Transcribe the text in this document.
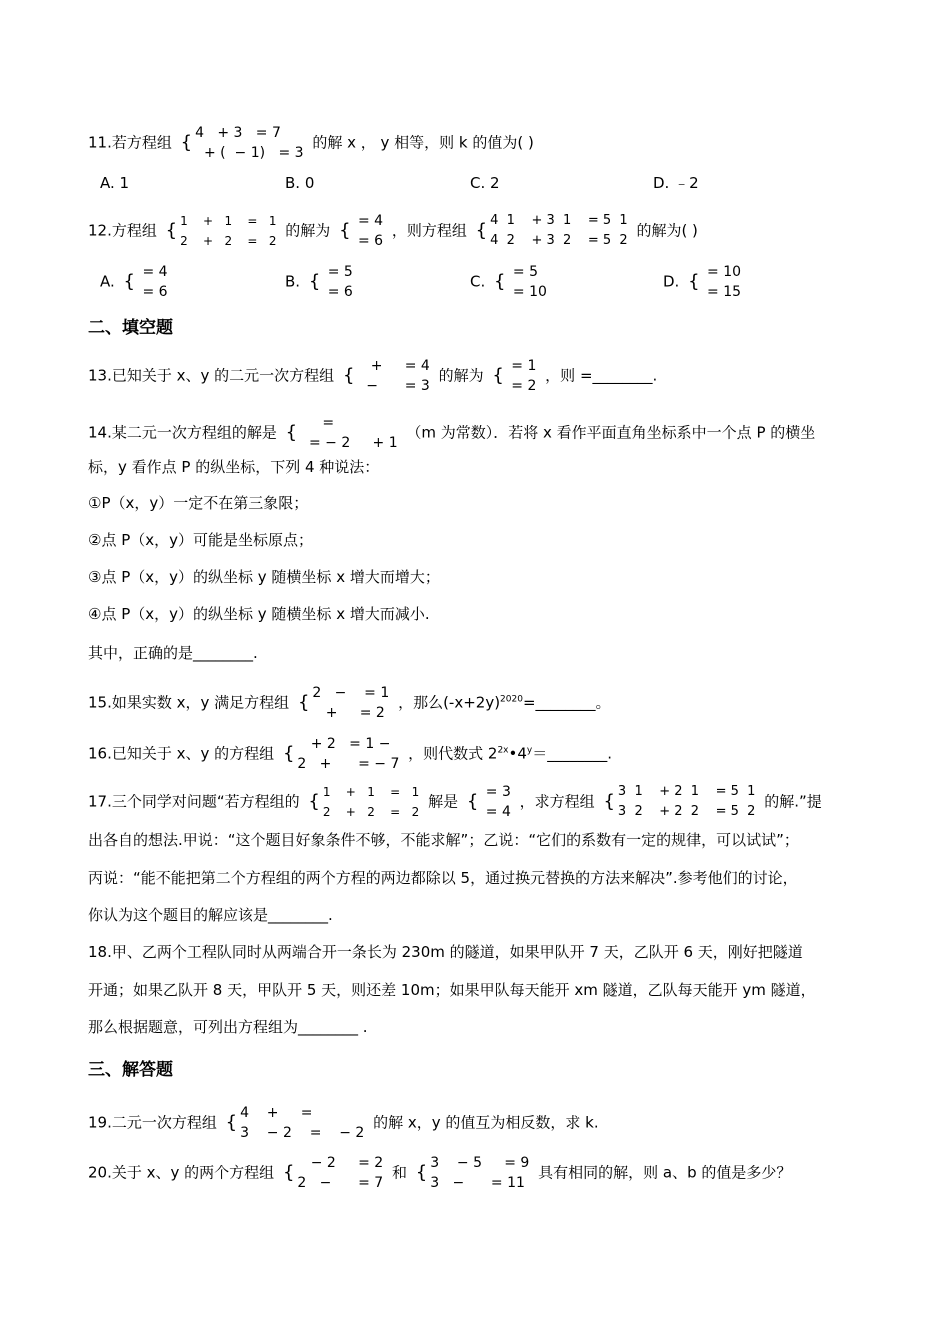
11.若方程组 { 4   + 3   = 7
+ (  − 1)   = 3
的解 x ， y 相等，则 k 的值为( )
A. 1	B. 0	C. 2	D. ﹣2
12.方程组 { 1    +   1    =   1
2    +   2    =   2
的解为 { = 4
= 6
，则方程组 { 4  1    + 3  1    = 5  1
4  2    + 3  2    = 5  2
的解为( )
A. { = 4
= 6
B. { = 5
= 6
C. { = 5
= 10
D. { = 10
= 15
二、填空题
13.已知关于 x、y 的二元一次方程组 { +     = 4
−      = 3
的解为 { = 1
= 2
，则 =________.
14.某二元一次方程组的解是 { =
= − 2     + 1
（m 为常数）．若将 x 看作平面直角坐标系中一个点 P 的横坐
标，y 看作点 P 的纵坐标，下列 4 种说法：
①P（x，y）一定不在第三象限；
②点 P（x，y）可能是坐标原点；
③点 P（x，y）的纵坐标 y 随横坐标 x 增大而增大；
④点 P（x，y）的纵坐标 y 随横坐标 x 增大而减小.
其中，正确的是________.
15.如果实数 x，y 满足方程组 { 2   −    = 1
+     = 2
，那么$(-x+2y)^{2020}=\_\_\_\_\_\_\_\_$。
16.已知关于 x、y 的方程组 { + 2   = 1 −
2   +      = − 7
，则代数式 $2^{2x}•4^y=\_\_\_\_\_\_\_\_$.
17.三个同学对问题“若方程组的 { 1    +   1    =   1
2    +   2    =   2
解是 { = 3
= 4
，求方程组 { 3  1    + 2  1    = 5  1
3  2    + 2  2    = 5  2
的解.”提
出各自的想法.甲说：“这个题目好象条件不够，不能求解”；乙说：“它们的系数有一定的规律，可以试试”；
丙说：“能不能把第二个方程组的两个方程的两边都除以 5，通过换元替换的方法来解决”.参考他们的讨论，
你认为这个题目的解应该是________.
18.甲、乙两个工程队同时从两端合开一条长为 230m 的隧道，如果甲队开 7 天，乙队开 6 天，刚好把隧道
开通；如果乙队开 8 天，甲队开 5 天，则还差 10m；如果甲队每天能开 xm 隧道，乙队每天能开 ym 隧道，
那么根据题意，可列出方程组为________ .
三、解答题
19.二元一次方程组 { 4    +     =
3    − 2    =    − 2
的解 x，y 的值互为相反数，求 k.
20.关于 x、y 的两个方程组 { − 2     = 2
2   −      = 7
和 { 3    − 5     = 9
3   −      = 11
具有相同的解，则 a、b 的值是多少？
